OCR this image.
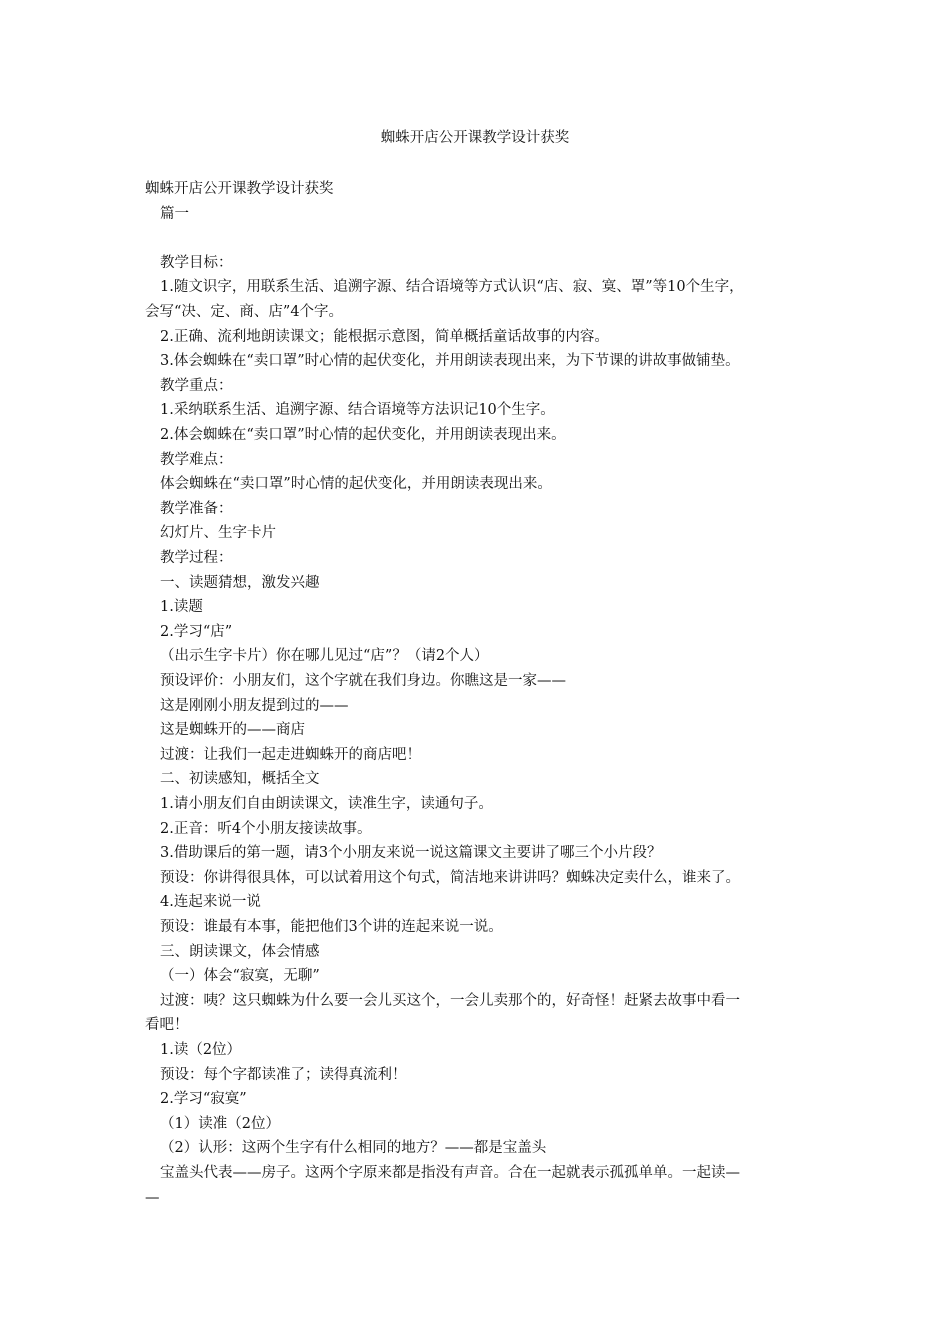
蜘蛛开店公开课教学设计获奖
蜘蛛开店公开课教学设计获奖
篇一
教学目标：
1.随文识字，用联系生活、追溯字源、结合语境等方式认识“店、寂、寞、罩”等10个生字，
会写“决、定、商、店”4个字。
2.正确、流利地朗读课文；能根据示意图，简单概括童话故事的内容。
3.体会蜘蛛在“卖口罩”时心情的起伏变化，并用朗读表现出来，为下节课的讲故事做铺垫。
教学重点：
1.采纳联系生活、追溯字源、结合语境等方法识记10个生字。
2.体会蜘蛛在“卖口罩”时心情的起伏变化，并用朗读表现出来。
教学难点：
体会蜘蛛在“卖口罩”时心情的起伏变化，并用朗读表现出来。
教学准备：
幻灯片、生字卡片
教学过程：
一、读题猜想，激发兴趣
1.读题
2.学习“店”
（出示生字卡片）你在哪儿见过“店”？（请2个人）
预设评价：小朋友们，这个字就在我们身边。你瞧这是一家——
这是刚刚小朋友提到过的——
这是蜘蛛开的——商店
过渡：让我们一起走进蜘蛛开的商店吧！
二、初读感知，概括全文
1.请小朋友们自由朗读课文，读准生字，读通句子。
2.正音：听4个小朋友接读故事。
3.借助课后的第一题，请3个小朋友来说一说这篇课文主要讲了哪三个小片段？
预设：你讲得很具体，可以试着用这个句式，简洁地来讲讲吗？蜘蛛决定卖什么，谁来了。
4.连起来说一说
预设：谁最有本事，能把他们3个讲的连起来说一说。
三、朗读课文，体会情感
（一）体会“寂寞，无聊”
过渡：咦？这只蜘蛛为什么要一会儿买这个，一会儿卖那个的，好奇怪！赶紧去故事中看一
看吧！
1.读（2位）
预设：每个字都读准了；读得真流利！
2.学习“寂寞”
（1）读准（2位）
（2）认形：这两个生字有什么相同的地方？——都是宝盖头
宝盖头代表——房子。这两个字原来都是指没有声音。合在一起就表示孤孤单单。一起读—
—
